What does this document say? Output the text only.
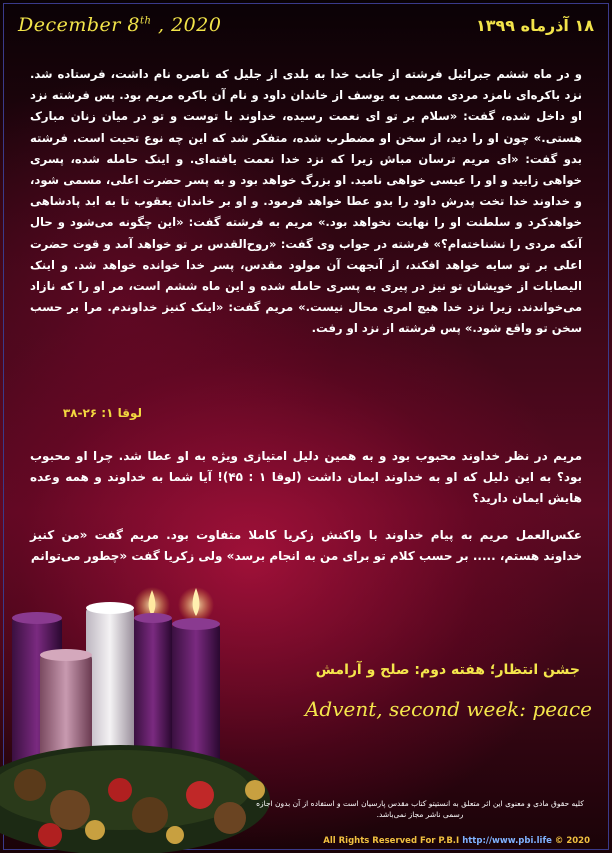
December 8th , 2020	۱۸ آذرماه ۱۳۹۹
و در ماه ششم جبرائیل فرشته از جانب خدا به بلدی از جلیل که ناصره نام داشت، فرستاده شد. نزد باکره‌ای نامزد مردی مسمی به یوسف از خاندان داود و نام آن باکره مریم بود. پس فرشته نزد او داخل شده، گفت: «سلام بر تو ای نعمت رسیده، خداوند با توست و تو در میان زنان مبارک هستی.» چون او را دید، از سخن او مضطرب شده، متفکر شد که این چه نوع تحیت است. فرشته بدو گفت: «ای مریم ترسان مباش زیرا که نزد خدا نعمت یافته‌ای. و اینک حامله شده، پسری خواهی زایید و او را عیسی خواهی نامید. او بزرگ خواهد بود و به پسر حضرت اعلی، مسمی شود، و خداوند خدا تخت پدرش داود را بدو عطا خواهد فرمود. و او بر خاندان یعقوب تا به ابد پادشاهی خواهدکرد و سلطنت او را نهایت نخواهد بود.» مریم به فرشته گفت: «این چگونه می‌شود و حال آنکه مردی را نشناخته‌ام؟» فرشته در جواب وی گفت: «روح‌القدس بر تو خواهد آمد و قوت حضرت اعلی بر تو سایه خواهد افکند، از آنجهت آن مولود مقدس، پسر خدا خوانده خواهد شد. و اینک الیصابات از خویشان تو نیز در پیری به پسری حامله شده و این ماه ششم است، مر او را که نازاد می‌خواندند. زیرا نزد خدا هیچ امری محال نیست.» مریم گفت: «اینک کنیز خداوندم. مرا بر حسب سخن تو واقع شود.» پس فرشته از نزد او رفت.
لوقا ۱: ۲۶-۳۸

مریم در نظر خداوند محبوب بود و به همین دلیل امتیازی ویژه به او عطا شد. چرا او محبوب بود؟ به این دلیل که او به خداوند ایمان داشت (لوقا ۱ : ۴۵)! آیا شما به خداوند و همه وعده هایش ایمان دارید؟

عکس‌العمل مریم به پیام خداوند با واکنش زکریا کاملا متفاوت بود. مریم گفت «من کنیز خداوند هستم، ..... بر حسب کلام تو برای من به انجام برسد» ولی زکریا گفت «چطور می‌توانم

جشن انتظار؛ هفته دوم: صلح و آرامش
Advent, second week: peace
کلیه حقوق مادی و معنوی این اثر متعلق به انستیتو کتاب مقدس پارسیان است و استفاده از آن بدون اجازه رسمی ناشر مجاز نمی‌باشد.
All Rights Reserved For P.B.I http://www.pbi.life © 2020
